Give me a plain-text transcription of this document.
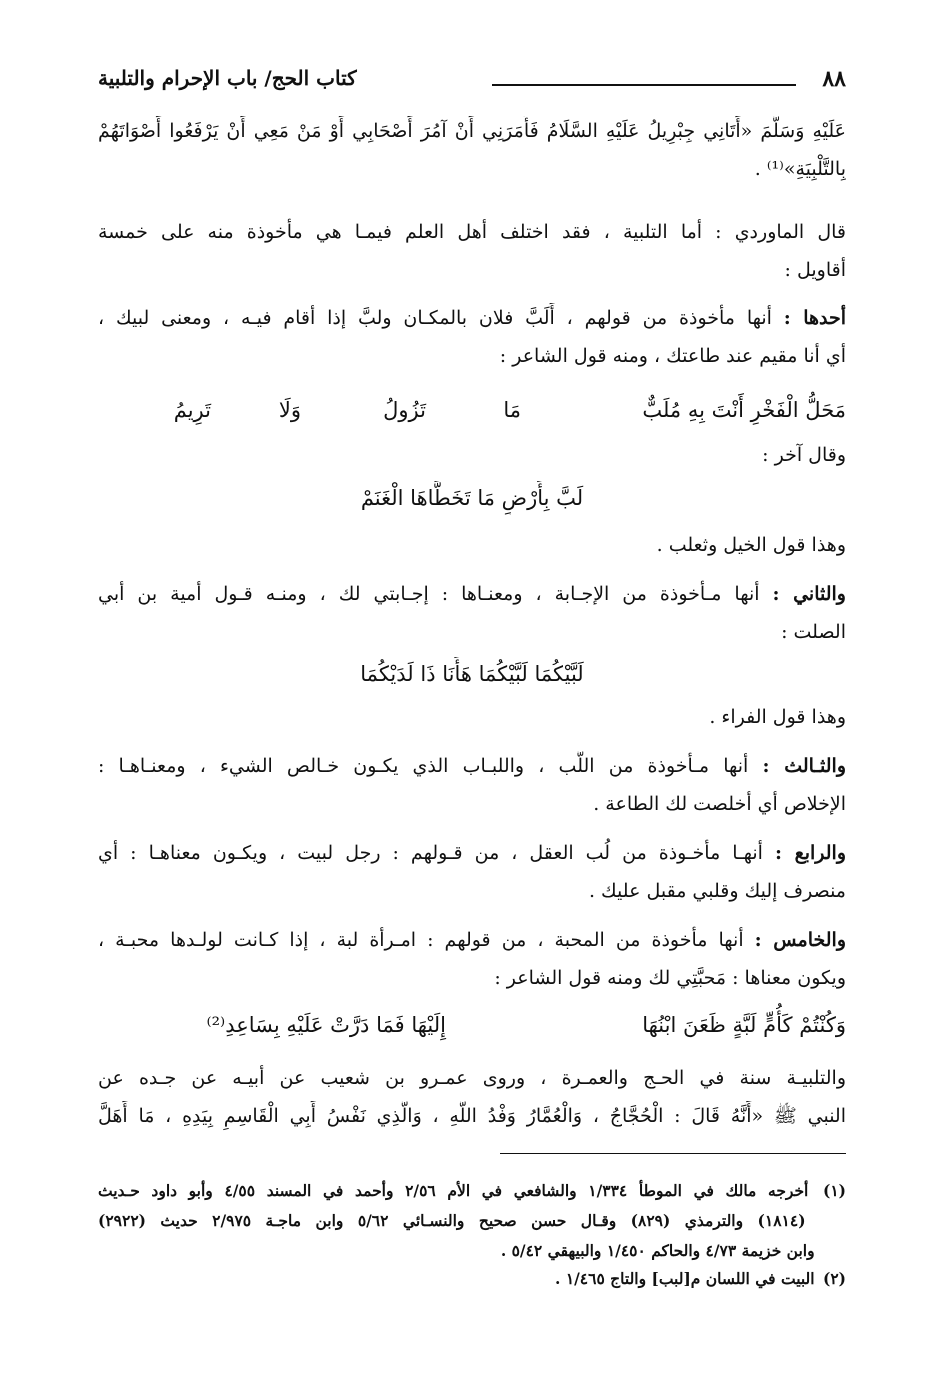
٨٨
كتاب الحج/ باب الإحرام والتلبية
عَلَيْهِ وَسَلَّمَ «أَتَانِي جِبْرِيلُ عَلَيْهِ السَّلَامُ فَأَمَرَنِي أَنْ آمُرَ أَصْحَابِي أَوْ مَنْ مَعِي أَنْ يَرْفَعُوا أَصْوَاتَهُمْ
بِالتَّلْبِيَةِ»⁽¹⁾ .
قال الماوردي : أما التلبية ، فقد اختلف أهل العلم فيمـا هي مأخوذة منه على خمسة
أقاويل :
أحدها : أنها مأخوذة من قولهم ، أَلَبَّ فلان بالمكـان ولبَّ إذا أقام فيـه ، ومعنى لبيك ،
أي أنا مقيم عند طاعتك ، ومنه قول الشاعر :
مَحَلُّ الْفَخْرِ أَنْتَ بِهِ مُلَبٌّ
مَا
تَزُولُ
وَلَا
تَرِيمُ
وقال آخر :
لَبَّ بِأَرْضٍ مَا تَخَطَّاهَا الْغَنَمْ
وهذا قول الخيل وثعلب .
والثاني : أنها مـأخوذة من الإجـابة ، ومعنـاها : إجـابتي لك ، ومنـه قـول أمية بن أبي
الصلت :
لَبَّيْكُمَا لَبَّيْكُمَا هَأَنَا ذَا لَدَيْكُمَا
وهذا قول الفراء .
والثـالث : أنها مـأخوذة من اللُّب ، واللبـاب الذي يكـون خـالص الشيء ، ومعنـاهـا :
الإخلاص أي أخلصت لك الطاعة .
والرابع : أنهـا مأخـوذة من لُب العقل ، من قـولهم : رجل لبيت ، ويكـون معناهـا : أي
منصرف إليك وقلبي مقبل عليك .
والخامس : أنها مأخوذة من المحبة ، من قولهم : امـرأة لبة ، إذا كـانت لولـدها محبـة ،
ويكون معناها : مَحبَّتِي لك ومنه قول الشاعر :
وَكُنْتُمْ كَأُمٍّ لَبَّةٍ ظَعَنَ ابْنُهَا
إِلَيْهَا فَمَا دَرَّتْ عَلَيْهِ بِسَاعِدِ⁽²⁾
والتلبيـة سنة في الحـج والعمـرة ، وروى عمـرو بن شعيب عن أبيـه عن جـده عن
النبي ﷺ «أَنَّهُ قَالَ : الْحُجَّاجُ ، وَالْعُمَّارُ وَفْدُ اللَّهِ ، وَالَّذِي نَفْسُ أَبِي الْقَاسِمِ بِيَدِهِ ، مَا أَهَلَّ
(١) أخرجه مالك في الموطأ ١/٣٣٤ والشافعي في الأم ٢/٥٦ وأحمد في المسند ٤/٥٥ وأبو داود حـديث
(١٨١٤) والترمذي (٨٢٩) وقـال حسن صحيح والنسـائي ٥/٦٢ وابن ماجـة ٢/٩٧٥ حديث (٢٩٢٢)
وابن خزيمة ٤/٧٣ والحاكم ١/٤٥٠ والبيهقي ٥/٤٢ .
(٢) البيت في اللسان م[لبب] والتاج ١/٤٦٥ .
